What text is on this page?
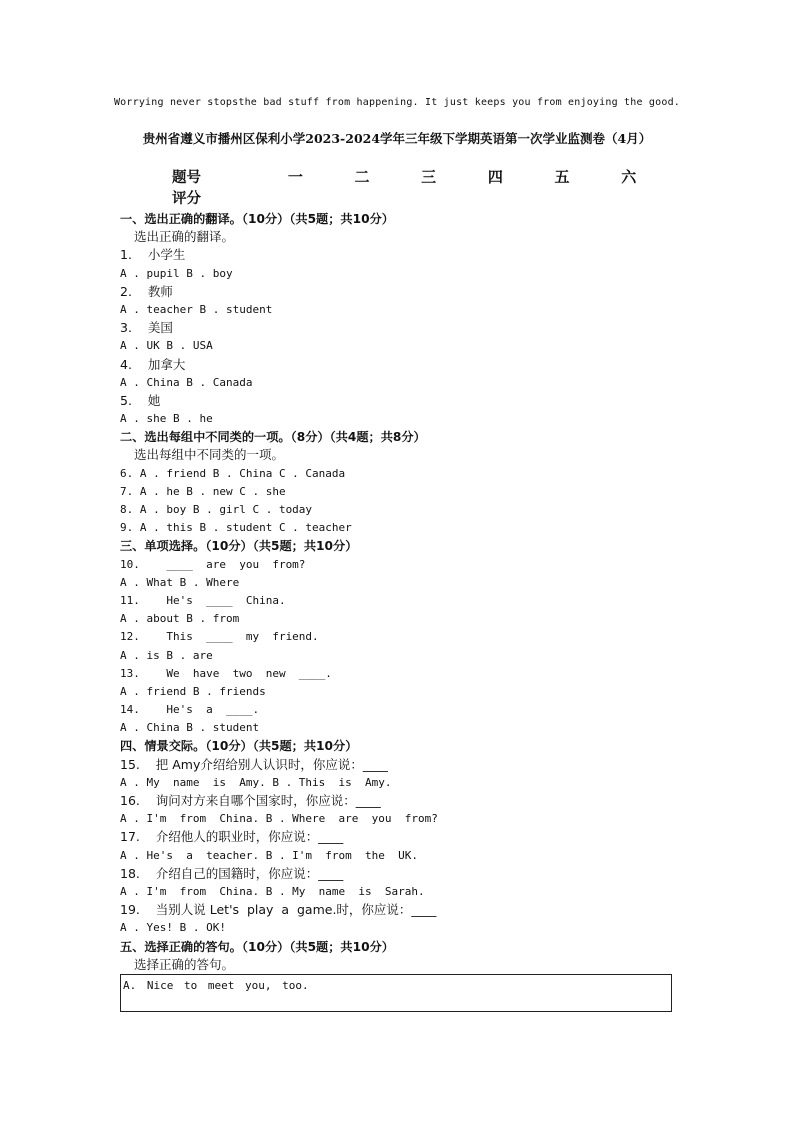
Worrying never stopsthe bad stuff from happening. It just keeps you from enjoying the good.
贵州省遵义市播州区保利小学2023-2024学年三年级下学期英语第一次学业监测卷（4月）
题号	一	二	三	四	五	六
评分
一、选出正确的翻译。（10分）（共5题；共10分）
选出正确的翻译。
1.    小学生
A . pupil B . boy
2.    教师
A . teacher B . student
3.    美国
A . UK B . USA
4.    加拿大
A . China B . Canada
5.    她
A . she B . he
二、选出每组中不同类的一项。（8分）（共4题；共8分）
选出每组中不同类的一项。
6. A . friend B . China C . Canada
7. A . he B . new C . she
8. A . boy B . girl C . today
9. A . this B . student C . teacher
三、单项选择。（10分）（共5题；共10分）
10.    ____  are  you  from?
A . What B . Where
11.    He's  ____  China.
A . about B . from
12.    This  ____  my  friend.
A . is B . are
13.    We  have  two  new  ____.
A . friend B . friends
14.    He's  a  ____.
A . China B . student
四、情景交际。（10分）（共5题；共10分）
15.    把 Amy介绍给别人认识时，你应说：____
A . My  name  is  Amy. B . This  is  Amy.
16.    询问对方来自哪个国家时，你应说：____
A . I'm  from  China. B . Where  are  you  from?
17.    介绍他人的职业时，你应说：____
A . He's  a  teacher. B . I'm  from  the  UK.
18.    介绍自己的国籍时，你应说：____
A . I'm  from  China. B . My  name  is  Sarah.
19.    当别人说 Let's  play  a  game.时，你应说：____
A . Yes! B . OK!
五、选择正确的答句。（10分）（共5题；共10分）
选择正确的答句。
A. Nice to meet you, too.
